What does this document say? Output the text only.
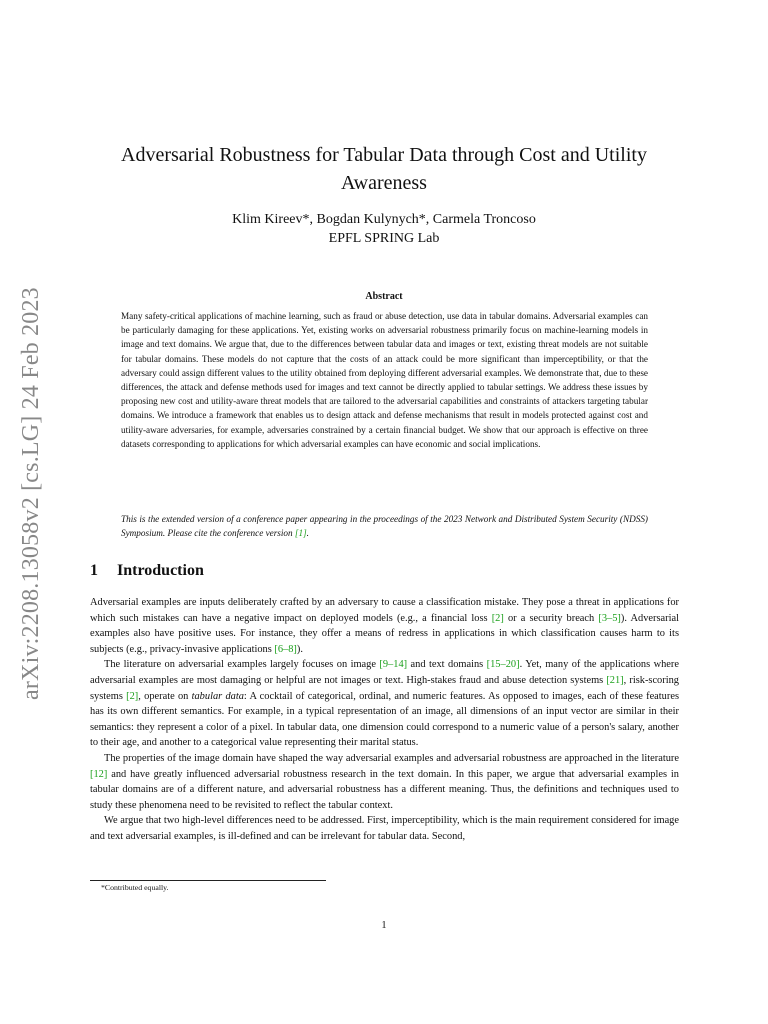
arXiv:2208.13058v2 [cs.LG] 24 Feb 2023
Adversarial Robustness for Tabular Data through Cost and Utility Awareness
Klim Kireev*, Bogdan Kulynych*, Carmela Troncoso
EPFL SPRING Lab
Abstract
Many safety-critical applications of machine learning, such as fraud or abuse detection, use data in tabular domains. Adversarial examples can be particularly damaging for these applications. Yet, existing works on adversarial robustness primarily focus on machine-learning models in image and text domains. We argue that, due to the differences between tabular data and images or text, existing threat models are not suitable for tabular domains. These models do not capture that the costs of an attack could be more significant than imperceptibility, or that the adversary could assign different values to the utility obtained from deploying different adversarial examples. We demonstrate that, due to these differences, the attack and defense methods used for images and text cannot be directly applied to tabular settings. We address these issues by proposing new cost and utility-aware threat models that are tailored to the adversarial capabilities and constraints of attackers targeting tabular domains. We introduce a framework that enables us to design attack and defense mechanisms that result in models protected against cost and utility-aware adversaries, for example, adversaries constrained by a certain financial budget. We show that our approach is effective on three datasets corresponding to applications for which adversarial examples can have economic and social implications.
This is the extended version of a conference paper appearing in the proceedings of the 2023 Network and Distributed System Security (NDSS) Symposium. Please cite the conference version [1].
1 Introduction

Adversarial examples are inputs deliberately crafted by an adversary to cause a classification mistake. They pose a threat in applications for which such mistakes can have a negative impact on deployed models (e.g., a financial loss [2] or a security breach [3–5]). Adversarial examples also have positive uses. For instance, they offer a means of redress in applications in which classification causes harm to its subjects (e.g., privacy-invasive applications [6–8]).

The literature on adversarial examples largely focuses on image [9–14] and text domains [15–20]. Yet, many of the applications where adversarial examples are most damaging or helpful are not images or text. High-stakes fraud and abuse detection systems [21], risk-scoring systems [2], operate on tabular data: A cocktail of categorical, ordinal, and numeric features. As opposed to images, each of these features has its own different semantics. For example, in a typical representation of an image, all dimensions of an input vector are similar in their semantics: they represent a color of a pixel. In tabular data, one dimension could correspond to a numeric value of a person's salary, another to their age, and another to a categorical value representing their marital status.

The properties of the image domain have shaped the way adversarial examples and adversarial robustness are approached in the literature [12] and have greatly influenced adversarial robustness research in the text domain. In this paper, we argue that adversarial examples in tabular domains are of a different nature, and adversarial robustness has a different meaning. Thus, the definitions and techniques used to study these phenomena need to be revisited to reflect the tabular context.

We argue that two high-level differences need to be addressed. First, imperceptibility, which is the main requirement considered for image and text adversarial examples, is ill-defined and can be irrelevant for tabular data. Second,

*Contributed equally.
1
